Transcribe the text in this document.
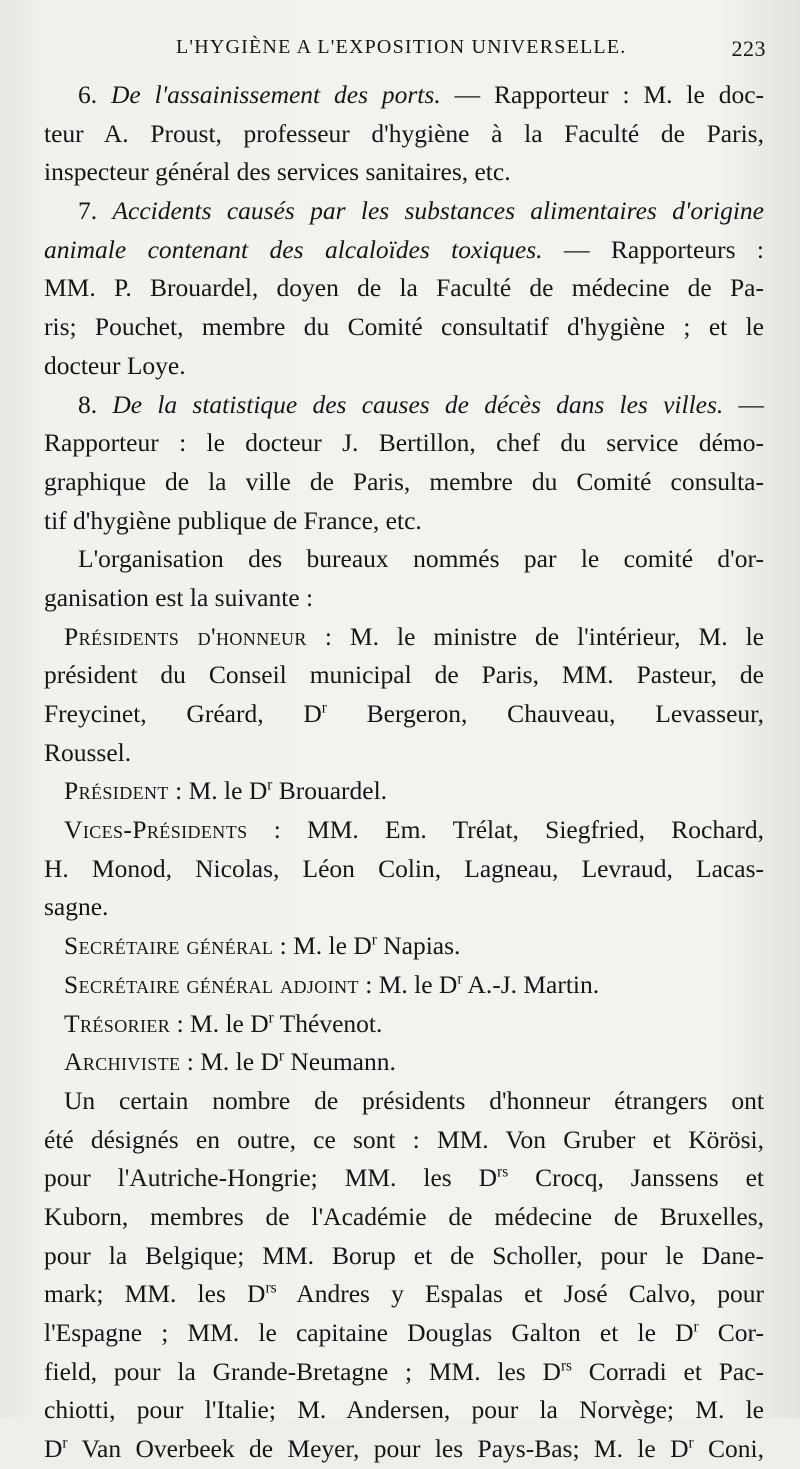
L'HYGIÈNE A L'EXPOSITION UNIVERSELLE.	223
6. De l'assainissement des ports. — Rapporteur : M. le doc-
teur A. Proust, professeur d'hygiène à la Faculté de Paris,
inspecteur général des services sanitaires, etc.
7. Accidents causés par les substances alimentaires d'origine
animale contenant des alcaloïdes toxiques. — Rapporteurs :
MM. P. Brouardel, doyen de la Faculté de médecine de Pa-
ris; Pouchet, membre du Comité consultatif d'hygiène ; et le
docteur Loye.
8. De la statistique des causes de décès dans les villes. —
Rapporteur : le docteur J. Bertillon, chef du service démo-
graphique de la ville de Paris, membre du Comité consulta-
tif d'hygiène publique de France, etc.
L'organisation des bureaux nommés par le comité d'or-
ganisation est la suivante :
Présidents d'honneur : M. le ministre de l'intérieur, M. le
président du Conseil municipal de Paris, MM. Pasteur, de
Freycinet, Gréard, $D^r$ Bergeron, Chauveau, Levasseur,
Roussel.
Président : M. le $D^r$ Brouardel.
Vices-Présidents : MM. Em. Trélat, Siegfried, Rochard,
H. Monod, Nicolas, Léon Colin, Lagneau, Levraud, Lacas-
sagne.
Secrétaire général : M. le $D^r$ Napias.
Secrétaire général adjoint : M. le $D^r$ A.-J. Martin.
Trésorier : M. le $D^r$ Thévenot.
Archiviste : M. le $D^r$ Neumann.
Un certain nombre de présidents d'honneur étrangers ont
été désignés en outre, ce sont : MM. Von Gruber et Körösi,
pour l'Autriche-Hongrie; MM. les $D^{rs}$ Crocq, Janssens et
Kuborn, membres de l'Académie de médecine de Bruxelles,
pour la Belgique; MM. Borup et de Scholler, pour le Dane-
mark; MM. les $D^{rs}$ Andres y Espalas et José Calvo, pour
l'Espagne ; MM. le capitaine Douglas Galton et le $D^r$ Cor-
field, pour la Grande-Bretagne ; MM. les $D^{rs}$ Corradi et Pac-
chiotti, pour l'Italie; M. Andersen, pour la Norvège; M. le
$D^r$ Van Overbeek de Meyer, pour les Pays-Bas; M. le $D^r$ Coni,
